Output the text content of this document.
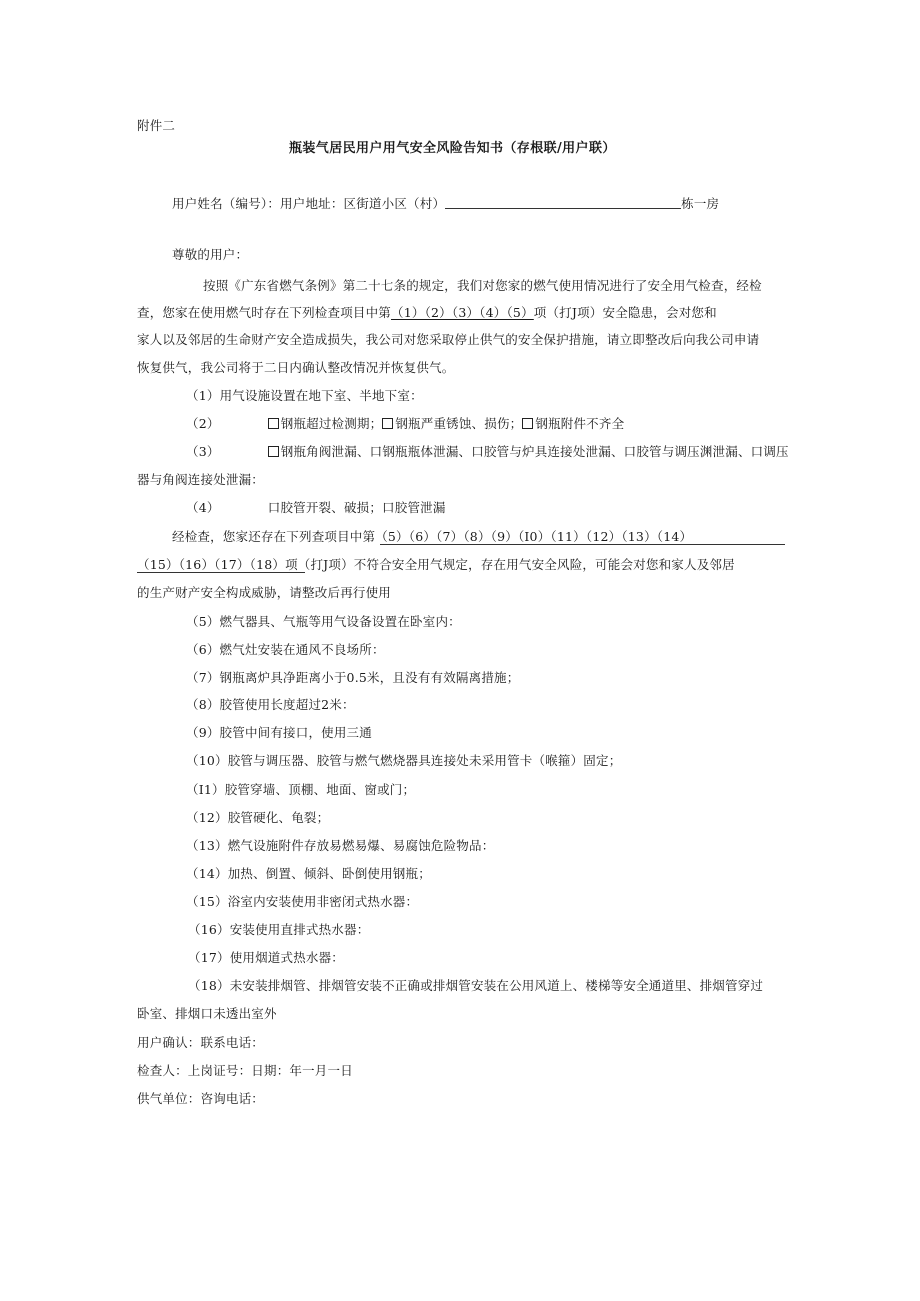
附件二
瓶装气居民用户用气安全风险告知书（存根联/用户联）
用户姓名（编号）：用户地址：区街道小区（村）	栋一房
尊敬的用户：
按照《广东省燃气条例》第二十七条的规定，我们对您家的燃气使用情况进行了安全用气检查，经检
查，您家在使用燃气时存在下列检查项目中第（1）（2）（3）（4）（5）项（打J项）安全隐患，会对您和
家人以及邻居的生命财产安全造成损失，我公司对您采取停止供气的安全保护措施，请立即整改后向我公司申请
恢复供气，我公司将于二日内确认整改情况并恢复供气。
（1）用气设施设置在地下室、半地下室：
（2）	钢瓶超过检测期； 钢瓶严重锈蚀、损伤； 钢瓶附件不齐全
（3）	钢瓶角阀泄漏、口钢瓶瓶体泄漏、口胶管与炉具连接处泄漏、口胶管与调压渊泄漏、口调压
器与角阀连接处泄漏：
（4）	口胶管开裂、破损；口胶管泄漏
经检查，您家还存在下列查项目中第（5）（6）（7）（8）（9）（I0）（11）（12）（13）（14）
（15）（16）（17）（18）项（打J项）不符合安全用气规定，存在用气安全风险，可能会对您和家人及邻居
的生产财产安全构成威胁，请整改后再行使用
（5）燃气器具、气瓶等用气设备设置在卧室内：
（6）燃气灶安装在通风不良场所：
（7）钢瓶离炉具净距离小于0.5米，且没有有效隔离措施；
（8）胶管使用长度超过2米：
（9）胶管中间有接口，使用三通
（10）胶管与调压器、胶管与燃气燃烧器具连接处未采用管卡（喉箍）固定；
（I1）胶管穿墙、顶棚、地面、窗或门；
（12）胶管硬化、龟裂；
（13）燃气设施附件存放易燃易爆、易腐蚀危险物品：
（14）加热、倒置、倾斜、卧倒使用钢瓶；
（15）浴室内安装使用非密闭式热水器：
（16）安装使用直排式热水器：
（17）使用烟道式热水器：
（18）未安装排烟管、排烟管安装不正确或排烟管安装在公用风道上、楼梯等安全通道里、排烟管穿过
卧室、排烟口未透出室外
用户确认：联系电话：
检查人：上岗证号：日期：年一月一日
供气单位：咨询电话：
